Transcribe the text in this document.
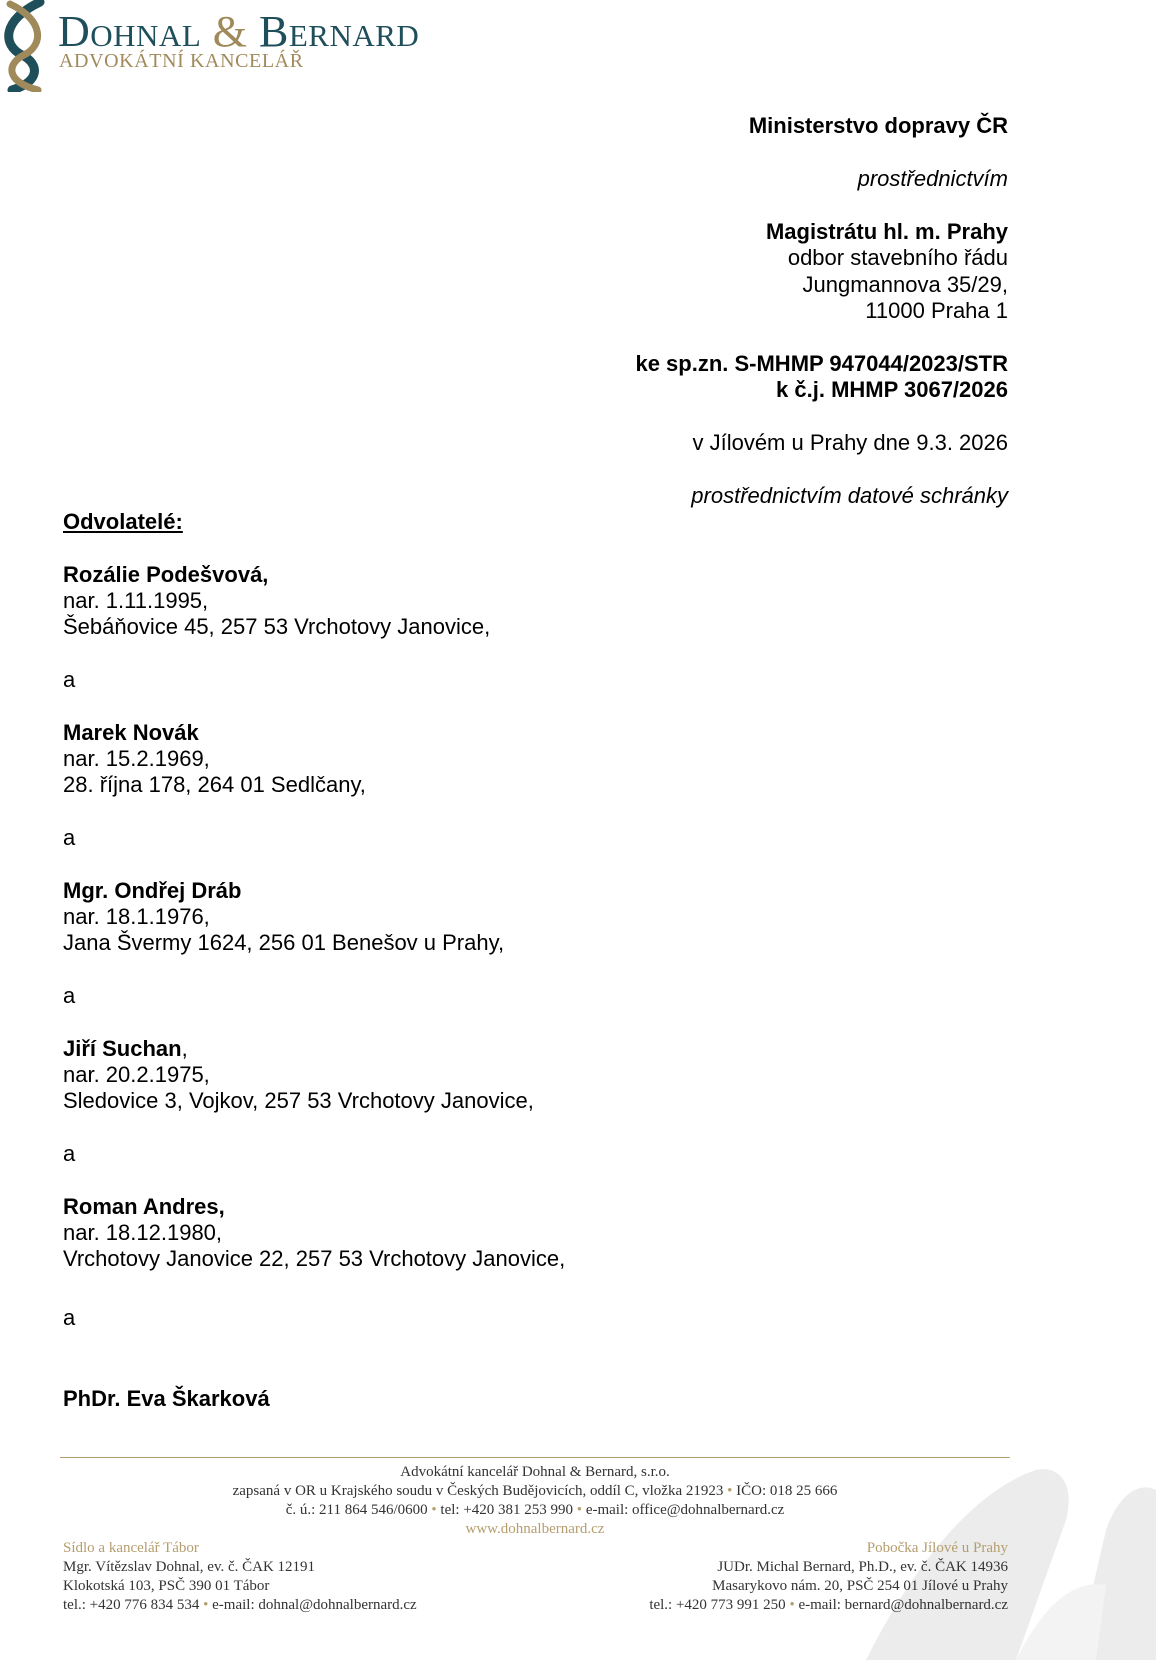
Dohnal & Bernard
ADVOKÁTNÍ KANCELÁŘ
Ministerstvo dopravy ČR
prostřednictvím
Magistrátu hl. m. Prahy
odbor stavebního řádu
Jungmannova 35/29,
11000 Praha 1
ke sp.zn. S-MHMP 947044/2023/STR
k č.j. MHMP 3067/2026
v Jílovém u Prahy dne 9.3. 2026
prostřednictvím datové schránky
Odvolatelé:
Rozálie Podešvová,
nar. 1.11.1995,
Šebáňovice 45, 257 53 Vrchotovy Janovice,
a
Marek Novák
nar. 15.2.1969,
28. října 178, 264 01 Sedlčany,
a
Mgr. Ondřej Dráb
nar. 18.1.1976,
Jana Švermy 1624, 256 01 Benešov u Prahy,
a
Jiří Suchan,
nar. 20.2.1975,
Sledovice 3, Vojkov, 257 53 Vrchotovy Janovice,
a
Roman Andres,
nar. 18.12.1980,
Vrchotovy Janovice 22, 257 53 Vrchotovy Janovice,
a
PhDr. Eva Škarková
Advokátní kancelář Dohnal & Bernard, s.r.o.
zapsaná v OR u Krajského soudu v Českých Budějovicích, oddíl C, vložka 21923 • IČO: 018 25 666
č. ú.: 211 864 546/0600 • tel: +420 381 253 990 • e-mail: office@dohnalbernard.cz
www.dohnalbernard.cz
Sídlo a kancelář Tábor
Mgr. Vítězslav Dohnal, ev. č. ČAK 12191
Klokotská 103, PSČ 390 01 Tábor
tel.: +420 776 834 534 • e-mail: dohnal@dohnalbernard.cz
Pobočka Jílové u Prahy
JUDr. Michal Bernard, Ph.D., ev. č. ČAK 14936
Masarykovo nám. 20, PSČ 254 01 Jílové u Prahy
tel.: +420 773 991 250 • e-mail: bernard@dohnalbernard.cz
